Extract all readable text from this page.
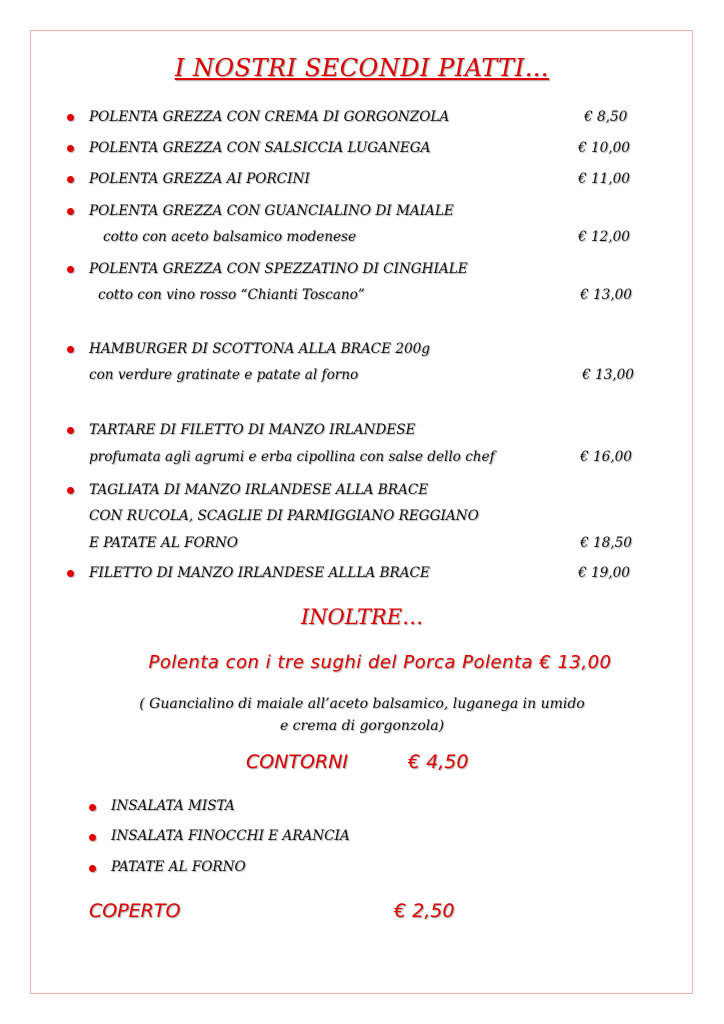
I NOSTRI SECONDI PIATTI…
POLENTA GREZZA CON CREMA DI GORGONZOLA	€ 8,50
POLENTA GREZZA CON SALSICCIA LUGANEGA	€ 10,00
POLENTA GREZZA AI PORCINI	€ 11,00
POLENTA GREZZA CON GUANCIALINO DI MAIALE
cotto con aceto balsamico modenese	€ 12,00
POLENTA GREZZA CON SPEZZATINO DI CINGHIALE
cotto con vino rosso “Chianti Toscano”	€ 13,00
HAMBURGER DI SCOTTONA ALLA BRACE 200g
con verdure gratinate e patate al forno	€ 13,00
TARTARE DI FILETTO DI MANZO IRLANDESE
profumata agli agrumi e erba cipollina con salse dello chef	€ 16,00
TAGLIATA DI MANZO IRLANDESE ALLA BRACE
CON RUCOLA, SCAGLIE DI PARMIGGIANO REGGIANO
E PATATE AL FORNO	€ 18,50
FILETTO DI MANZO IRLANDESE ALLLA BRACE	€ 19,00
INOLTRE…
Polenta con i tre sughi del Porca Polenta € 13,00
( Guancialino di maiale all’aceto balsamico, luganega in umido
e crema di gorgonzola)
CONTORNI	€ 4,50
INSALATA MISTA
INSALATA FINOCCHI E ARANCIA
PATATE AL FORNO
COPERTO	€ 2,50
